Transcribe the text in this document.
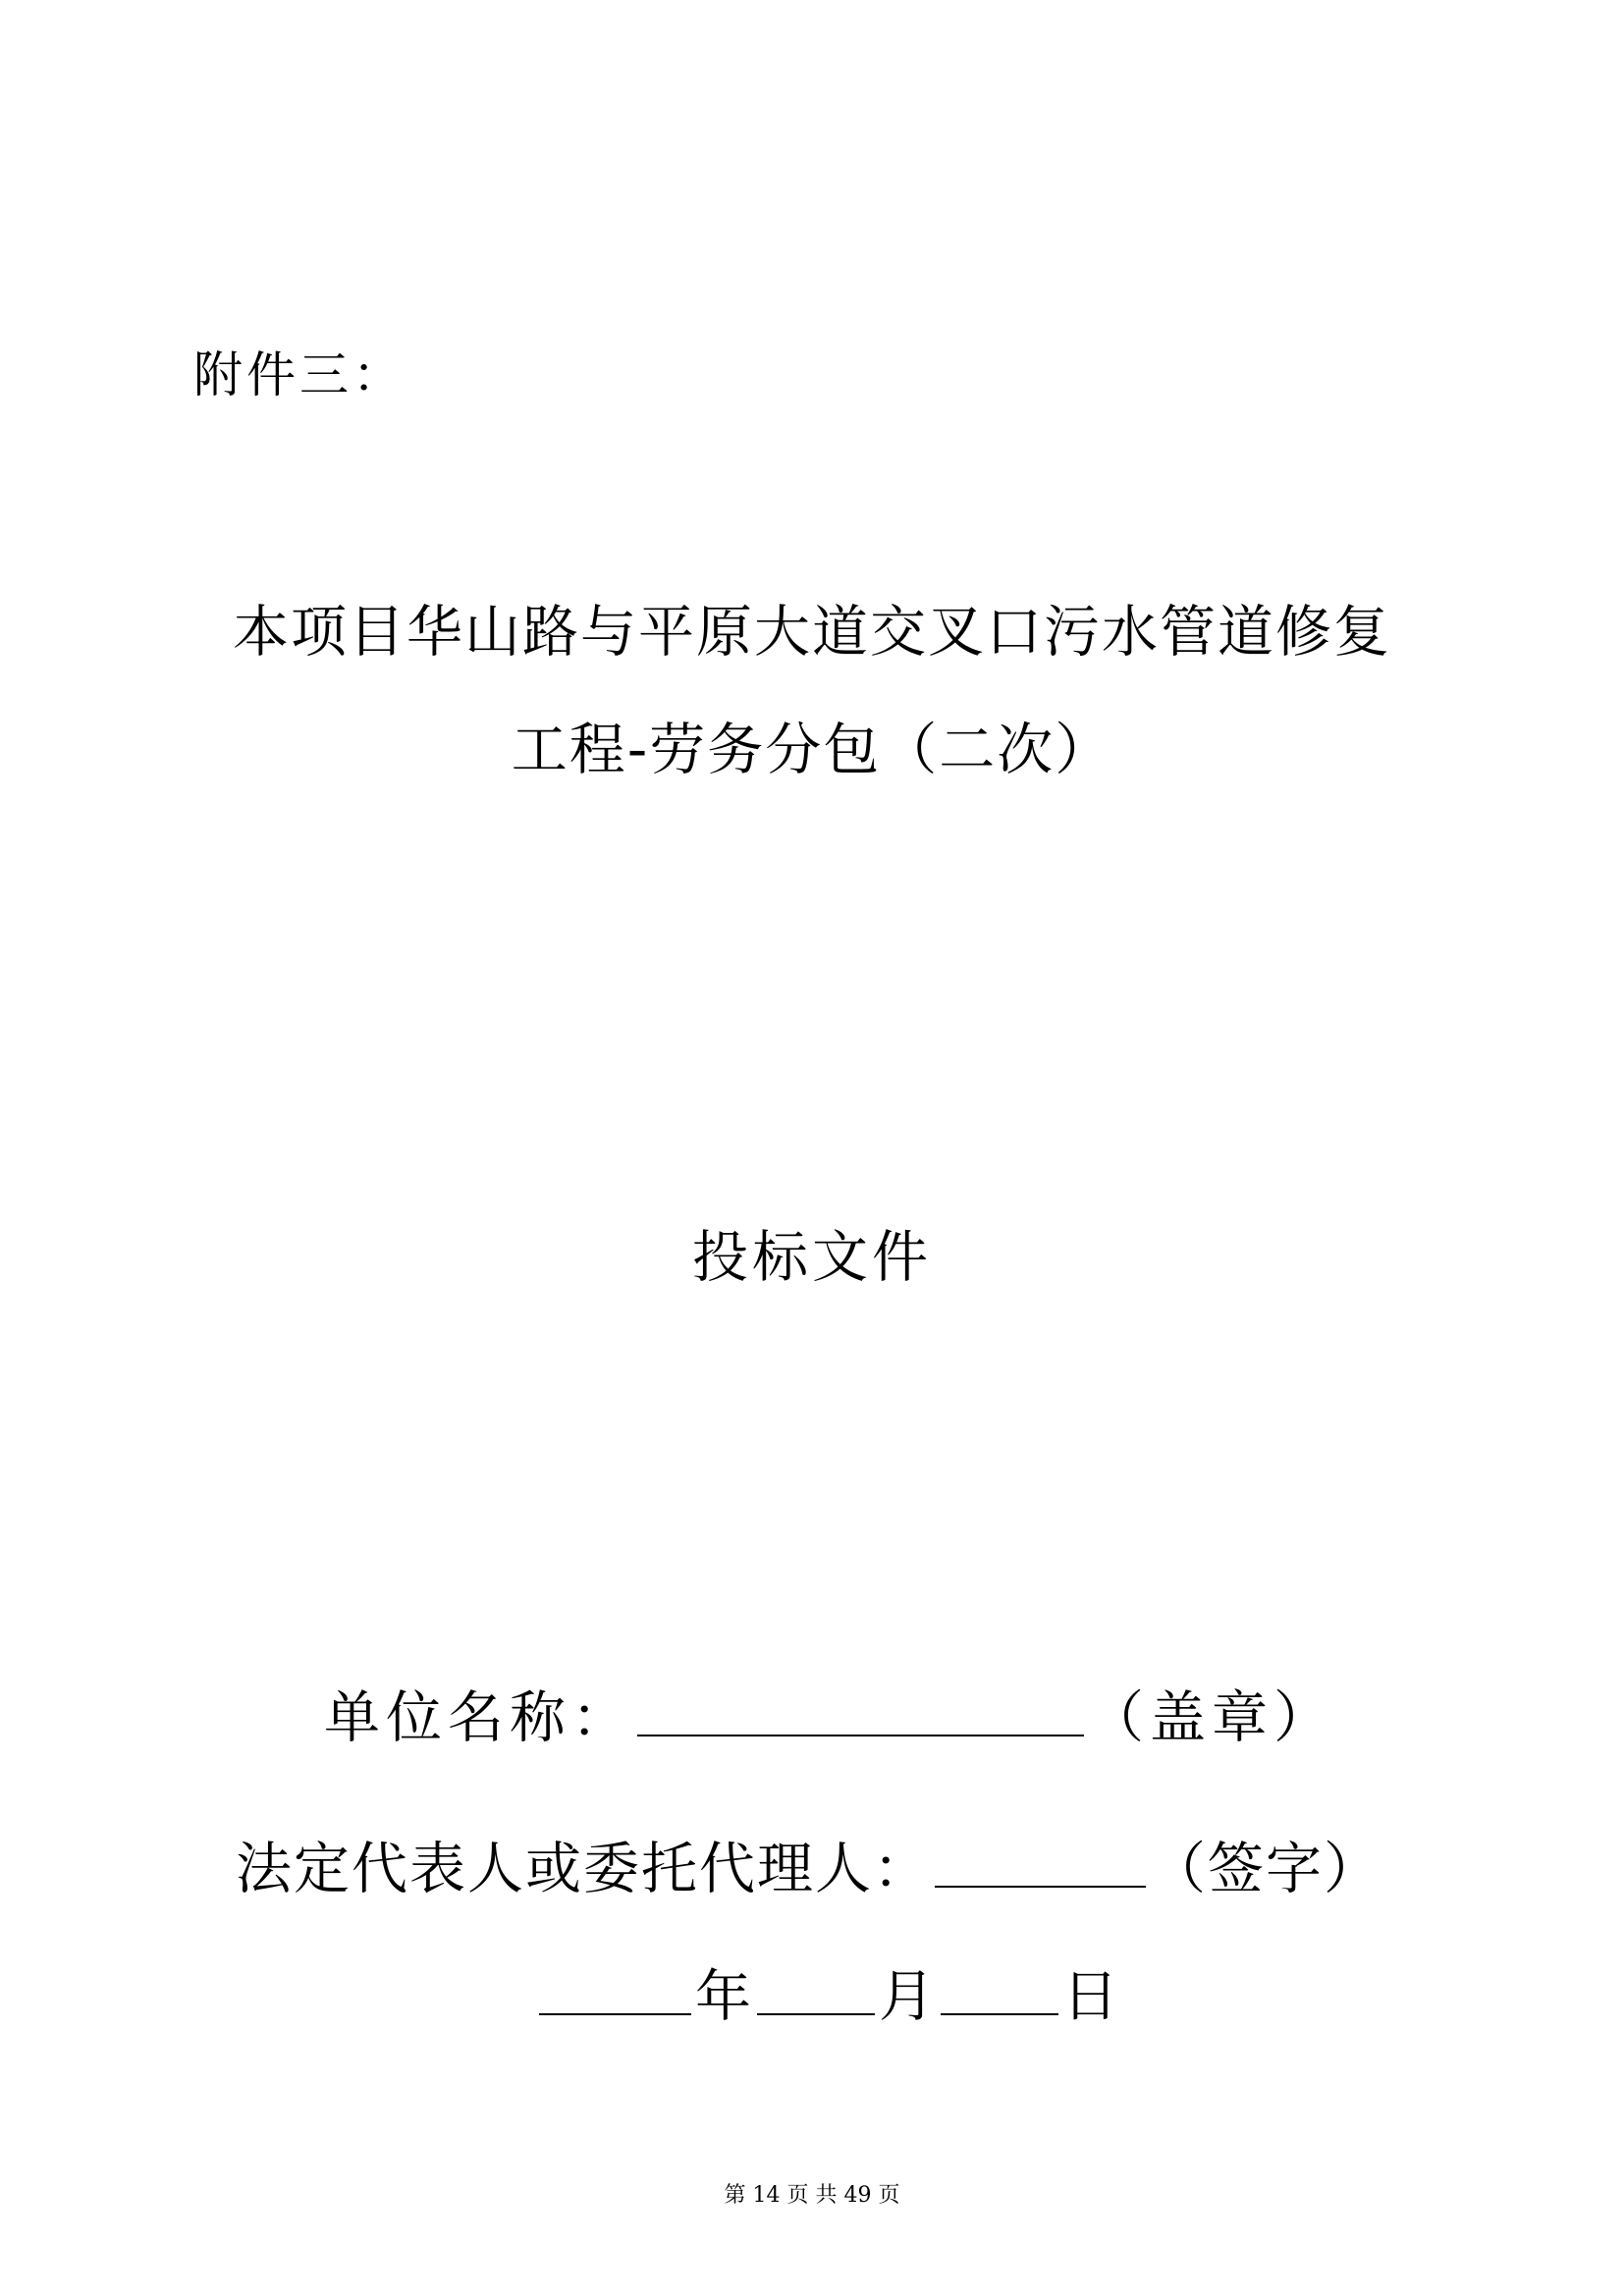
附件三：
本项目华山路与平原大道交叉口污水管道修复
工程-劳务分包（二次）
投标文件
单位名称：	（盖章）
法定代表人或委托代理人：	（签字）
年 月 日
第 14 页 共 49 页
